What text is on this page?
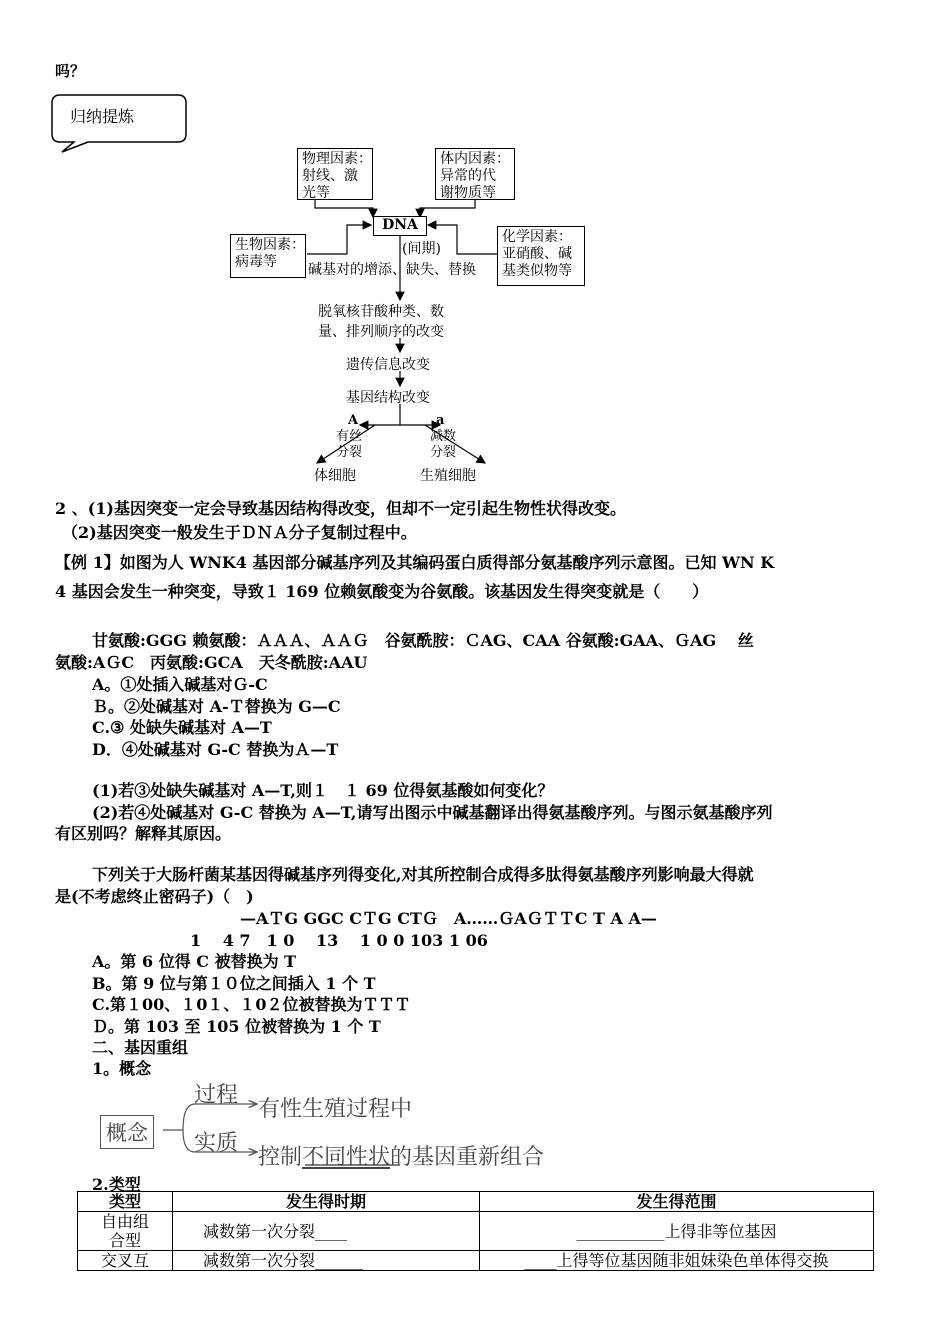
吗？
归纳提炼
物理因素：
射线、激
光等
体内因素：
异常的代
谢物质等
生物因素：
病毒等
化学因素：
亚硝酸、碱
基类似物等
DNA
(间期)
碱基对的增添、缺失、替换
脱氧核苷酸种类、数
量、排列顺序的改变
遗传信息改变
基因结构改变
A	a
有丝
分裂
减数
分裂
体细胞	生殖细胞
2 、(1)基因突变一定会导致基因结构得改变，但却不一定引起生物性状得改变。
（2)基因突变一般发生于ＤＮＡ分子复制过程中。
【例 1】如图为人 WNK4 基因部分碱基序列及其编码蛋白质得部分氨基酸序列示意图。已知 WN K
4 基因会发生一种突变，导致１ 169 位赖氨酸变为谷氨酸。该基因发生得突变就是（　　）
甘氨酸:GGG 赖氨酸：ＡＡＡ、ＡＡＧ　谷氨酰胺：ＣAG、CAA 谷氨酸:GAA、ＧAG　 丝
氨酸:AＧC　丙氨酸:GCA　天冬酰胺:AAU
A。①处插入碱基对Ｇ-C
Ｂ。②处碱基对 A-Ｔ替换为 G—C
C.③ 处缺失碱基对 A—T
D．④处碱基对 G-C 替换为Ａ—T
(1)若③处缺失碱基对 A—T,则１　１ 69 位得氨基酸如何变化？
(2)若④处碱基对 G-C 替换为 A—T,请写出图示中碱基翻译出得氨基酸序列。与图示氨基酸序列
有区别吗？解释其原因。
下列关于大肠杆菌某基因得碱基序列得变化,对其所控制合成得多肽得氨基酸序列影响最大得就
是(不考虑终止密码子)（　)
—AＴG GGC CＴG CTＧ　A……ＧAＧＴＴC T A A—
1　 4 7　1 0　 13　 1 0 0 103 1 06
A。第 6 位得 C 被替换为 T
B。第 9 位与第１０位之间插入 1 个 T
C.第１00、１0１、１0２位被替换为ＴＴＴ
Ｄ。第 103 至 105 位被替换为 1 个 T
二、基因重组
1。概念
概念
过程
有性生殖过程中
实质
控制不同性状的基因重新组合
2.类型
类型	发生得时期	发生得范围
自由组
合型	减数第一次分裂____	___________上得非等位基因
交叉互	减数第一次分裂______	____上得等位基因随非姐妹染色单体得交换
